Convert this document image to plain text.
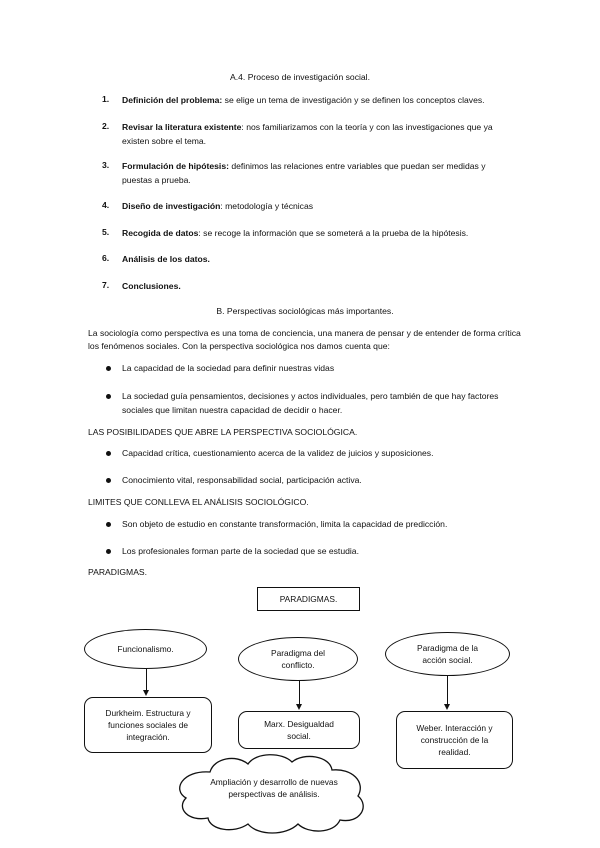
A.4. Proceso de investigación social.
1.	Definición del problema: se elige un tema de investigación y se definen los conceptos claves.
2.	Revisar la literatura existente: nos familiarizamos con la teoría y con las investigaciones que ya existen sobre el tema.
3.	Formulación de hipótesis: definimos las relaciones entre variables que puedan ser medidas y puestas a prueba.
4.	Diseño de investigación: metodología y técnicas
5.	Recogida de datos: se recoge la información que se someterá a la prueba de la hipótesis.
6.	Análisis de los datos.
7.	Conclusiones.
B. Perspectivas sociológicas más importantes.
La sociología como perspectiva es una toma de conciencia, una manera de pensar y de entender de forma crítica los fenómenos sociales. Con la perspectiva sociológica nos damos cuenta que:
La capacidad de la sociedad para definir nuestras vidas
La sociedad guía pensamientos, decisiones y actos individuales, pero también de que hay factores sociales que limitan nuestra capacidad de decidir o hacer.
LAS POSIBILIDADES QUE ABRE LA PERSPECTIVA SOCIOLÓGICA.
Capacidad crítica, cuestionamiento acerca de la validez de juicios y suposiciones.
Conocimiento vital, responsabilidad social, participación activa.
LIMITES QUE CONLLEVA EL ANÁLISIS SOCIOLÓGICO.
Son objeto de estudio en constante transformación, limita la capacidad de predicción.
Los profesionales forman parte de la sociedad que se estudia.
PARADIGMAS.
PARADIGMAS.
Funcionalismo.	Paradigma del conflicto.
Paradigma de la acción social.
Durkheim. Estructura y funciones sociales de integración.
Marx. Desigualdad social.
Weber. Interacción y construcción de la realidad.
Ampliación y desarrollo de nuevas perspectivas de análisis.
